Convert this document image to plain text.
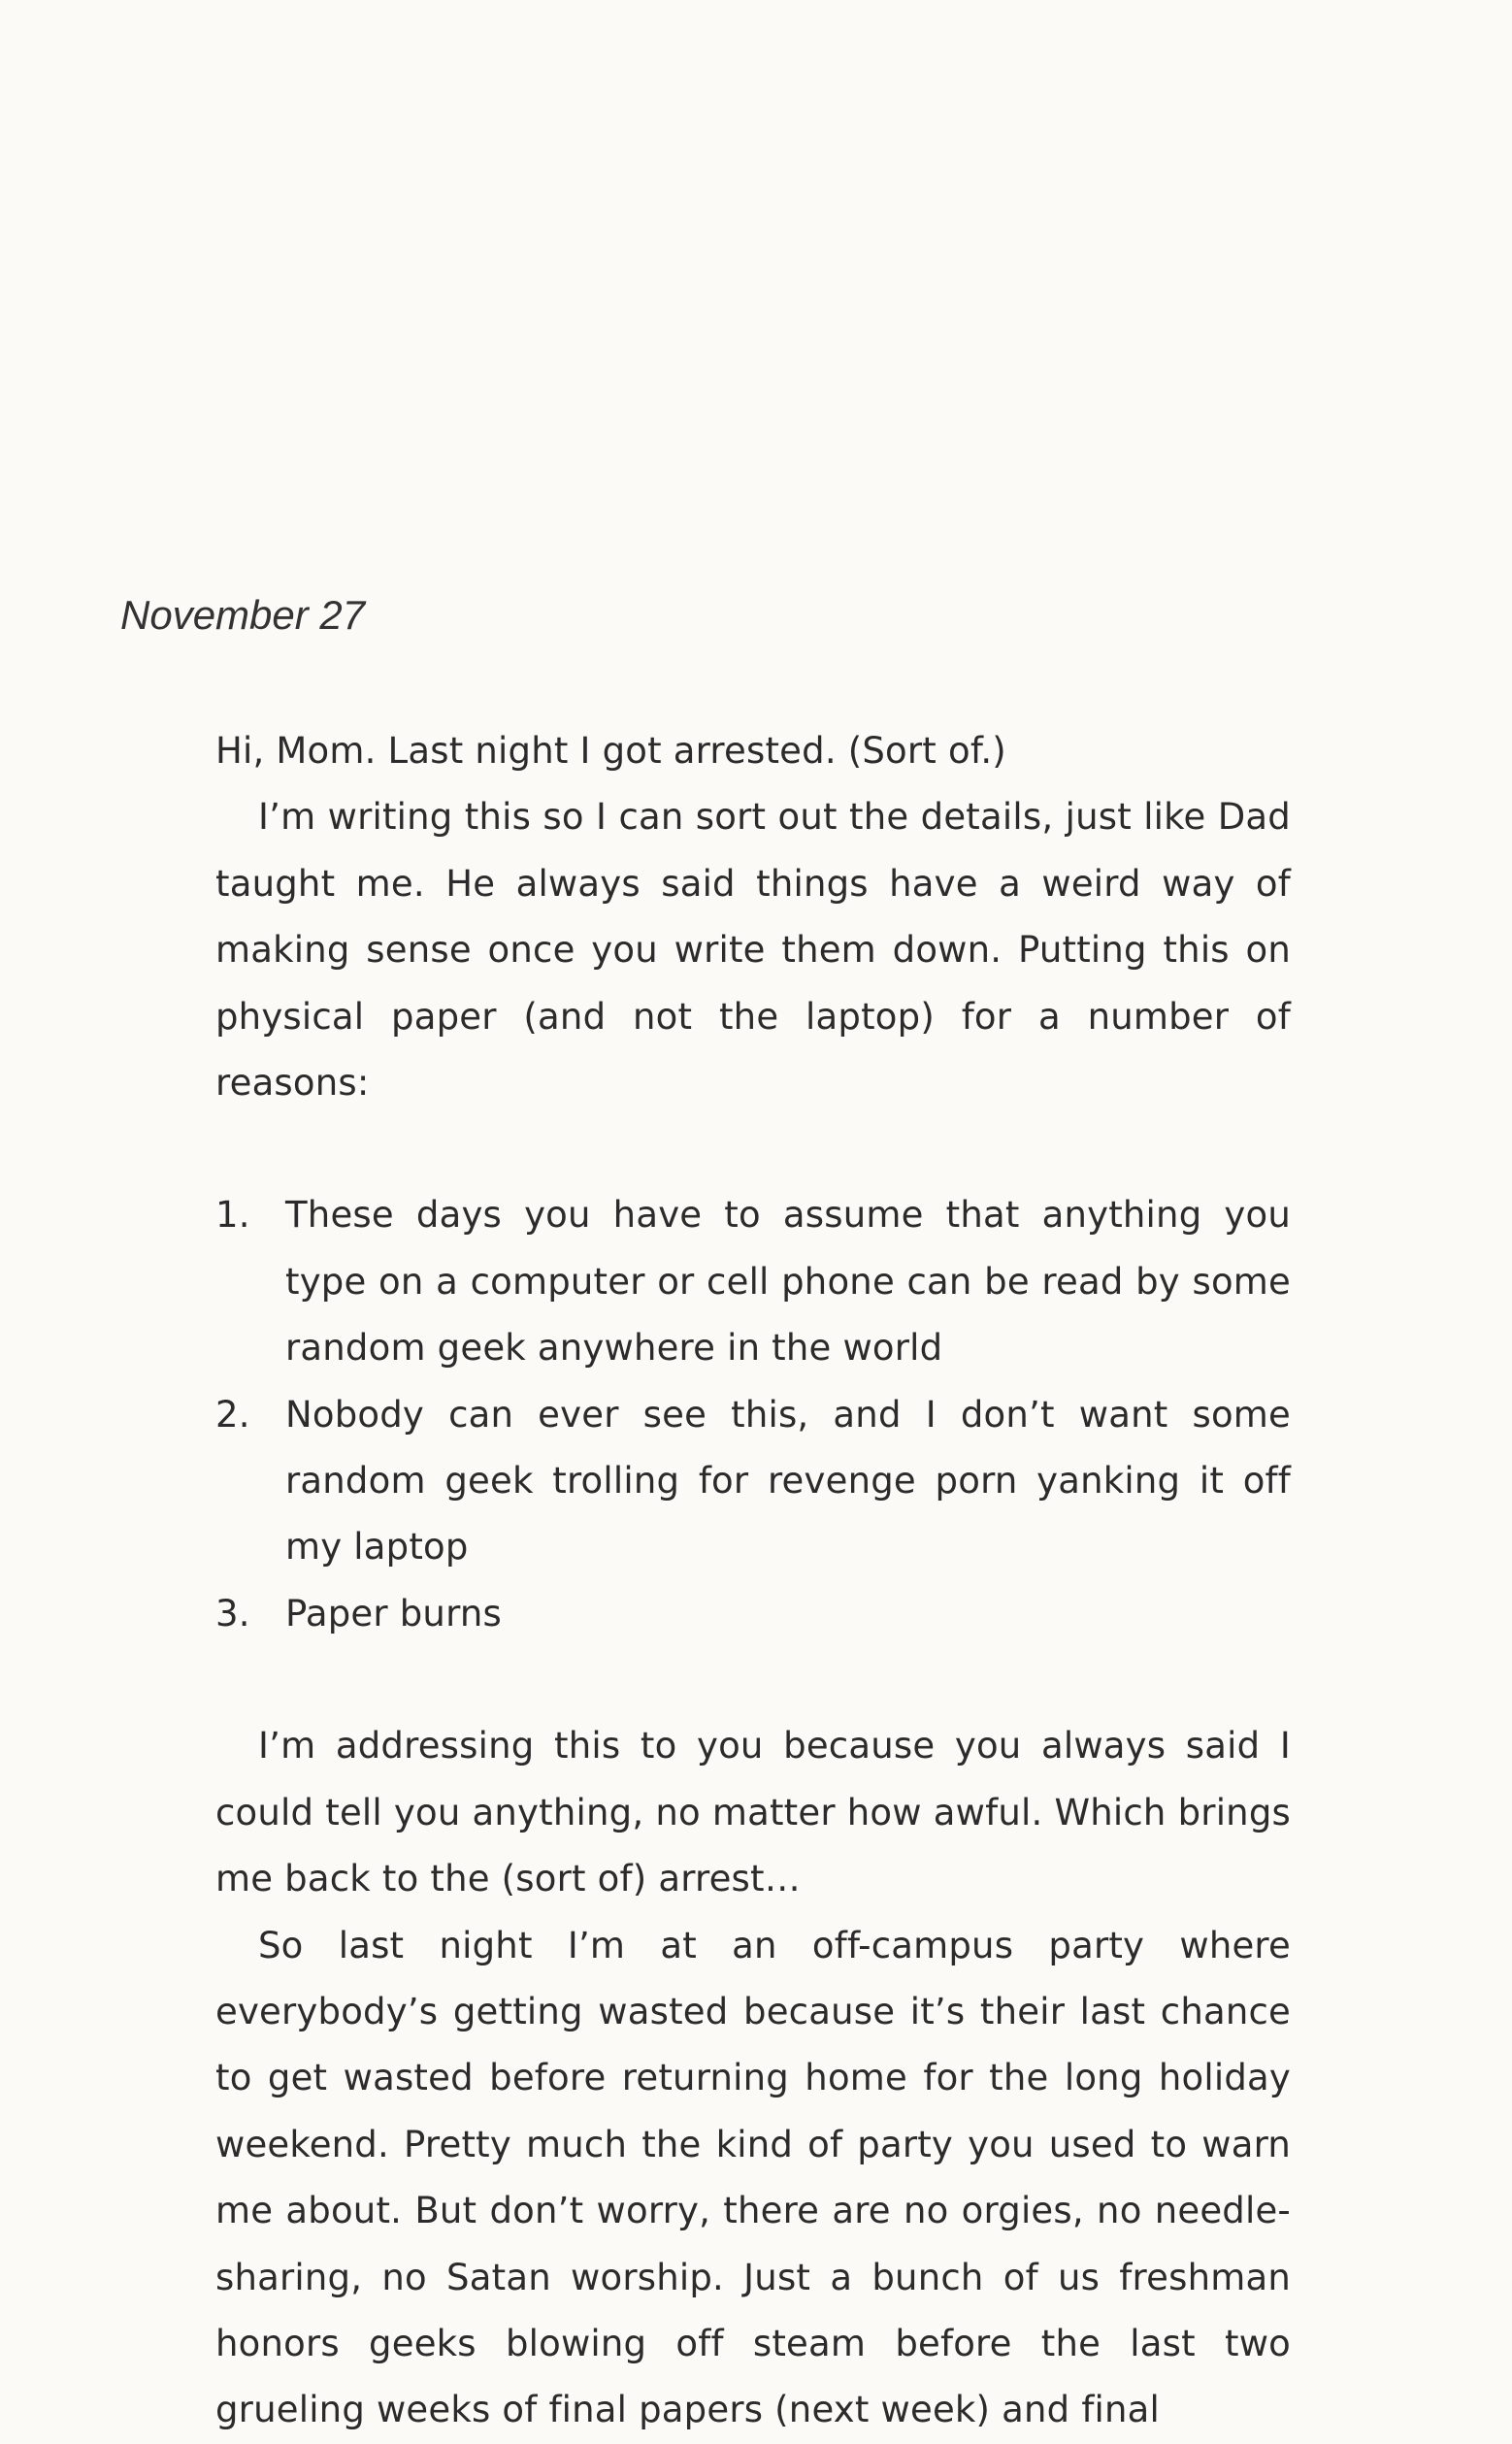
November 27

Hi, Mom. Last night I got arrested. (Sort of.)

I’m writing this so I can sort out the details, just like Dad taught me. He always said things have a weird way of making sense once you write them down. Putting this on physical paper (and not the laptop) for a number of reasons:

1. These days you have to assume that anything you type on a computer or cell phone can be read by some random geek anywhere in the world
2. Nobody can ever see this, and I don’t want some random geek trolling for revenge porn yanking it off my laptop
3. Paper burns

I’m addressing this to you because you always said I could tell you anything, no matter how awful. Which brings me back to the (sort of) arrest…

So last night I’m at an off-campus party where everybody’s getting wasted because it’s their last chance to get wasted before returning home for the long holiday weekend. Pretty much the kind of party you used to warn me about. But don’t worry, there are no orgies, no needle-sharing, no Satan worship. Just a bunch of us freshman honors geeks blowing off steam before the last two grueling weeks of final papers (next week) and final
